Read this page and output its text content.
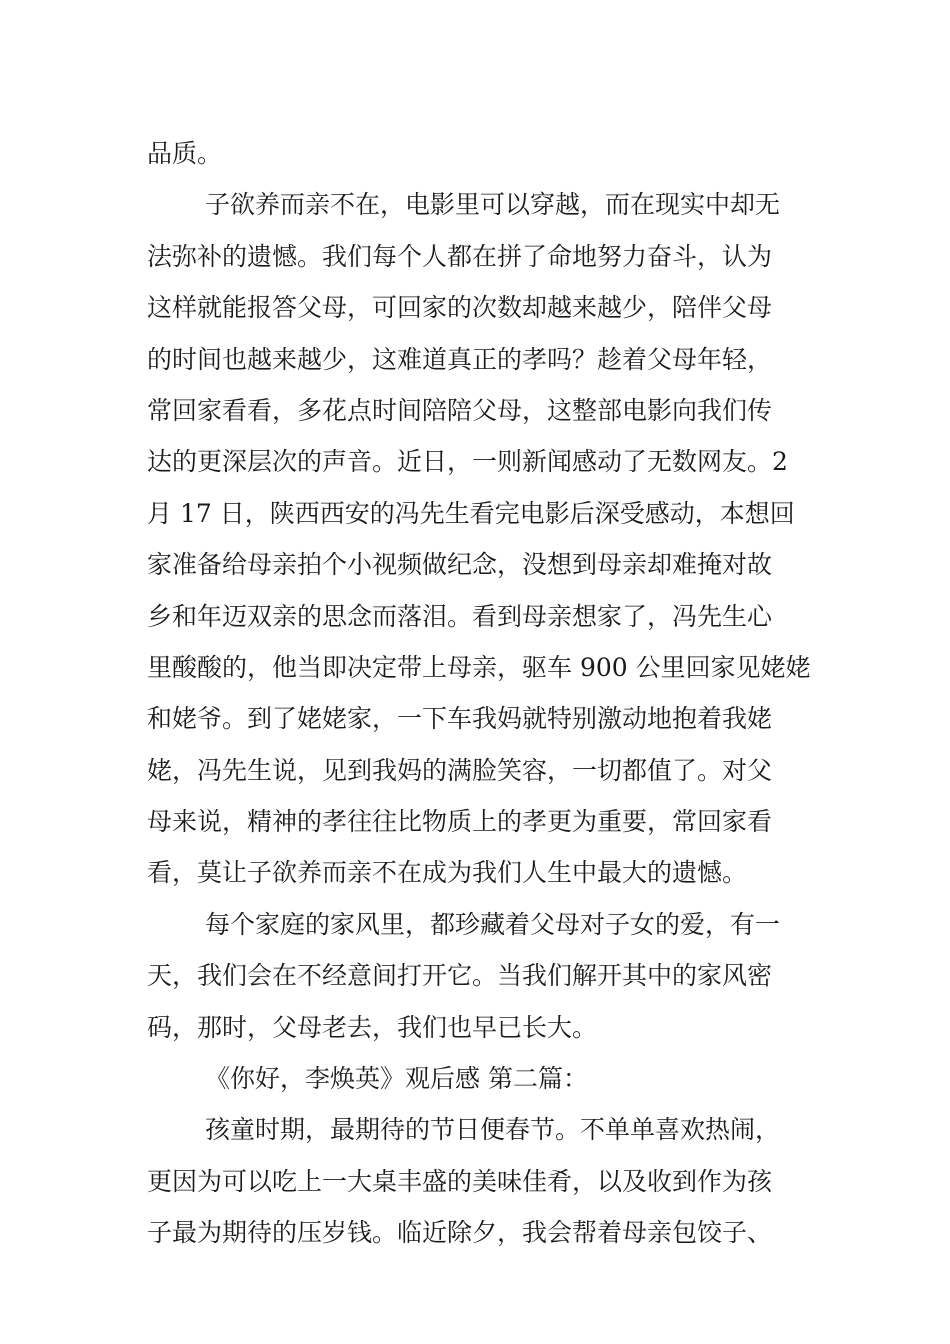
品质。
子欲养而亲不在，电影里可以穿越，而在现实中却无
法弥补的遗憾。我们每个人都在拼了命地努力奋斗，认为
这样就能报答父母，可回家的次数却越来越少，陪伴父母
的时间也越来越少，这难道真正的孝吗？趁着父母年轻，
常回家看看，多花点时间陪陪父母，这整部电影向我们传
达的更深层次的声音。近日，一则新闻感动了无数网友。2
月 17 日，陕西西安的冯先生看完电影后深受感动，本想回
家准备给母亲拍个小视频做纪念，没想到母亲却难掩对故
乡和年迈双亲的思念而落泪。看到母亲想家了，冯先生心
里酸酸的，他当即决定带上母亲，驱车 900 公里回家见姥姥
和姥爷。到了姥姥家，一下车我妈就特别激动地抱着我姥
姥，冯先生说，见到我妈的满脸笑容，一切都值了。对父
母来说，精神的孝往往比物质上的孝更为重要，常回家看
看，莫让子欲养而亲不在成为我们人生中最大的遗憾。
每个家庭的家风里，都珍藏着父母对子女的爱，有一
天，我们会在不经意间打开它。当我们解开其中的家风密
码，那时，父母老去，我们也早已长大。
《你好，李焕英》观后感 第二篇：
孩童时期，最期待的节日便春节。不单单喜欢热闹，
更因为可以吃上一大桌丰盛的美味佳肴，以及收到作为孩
子最为期待的压岁钱。临近除夕，我会帮着母亲包饺子、
